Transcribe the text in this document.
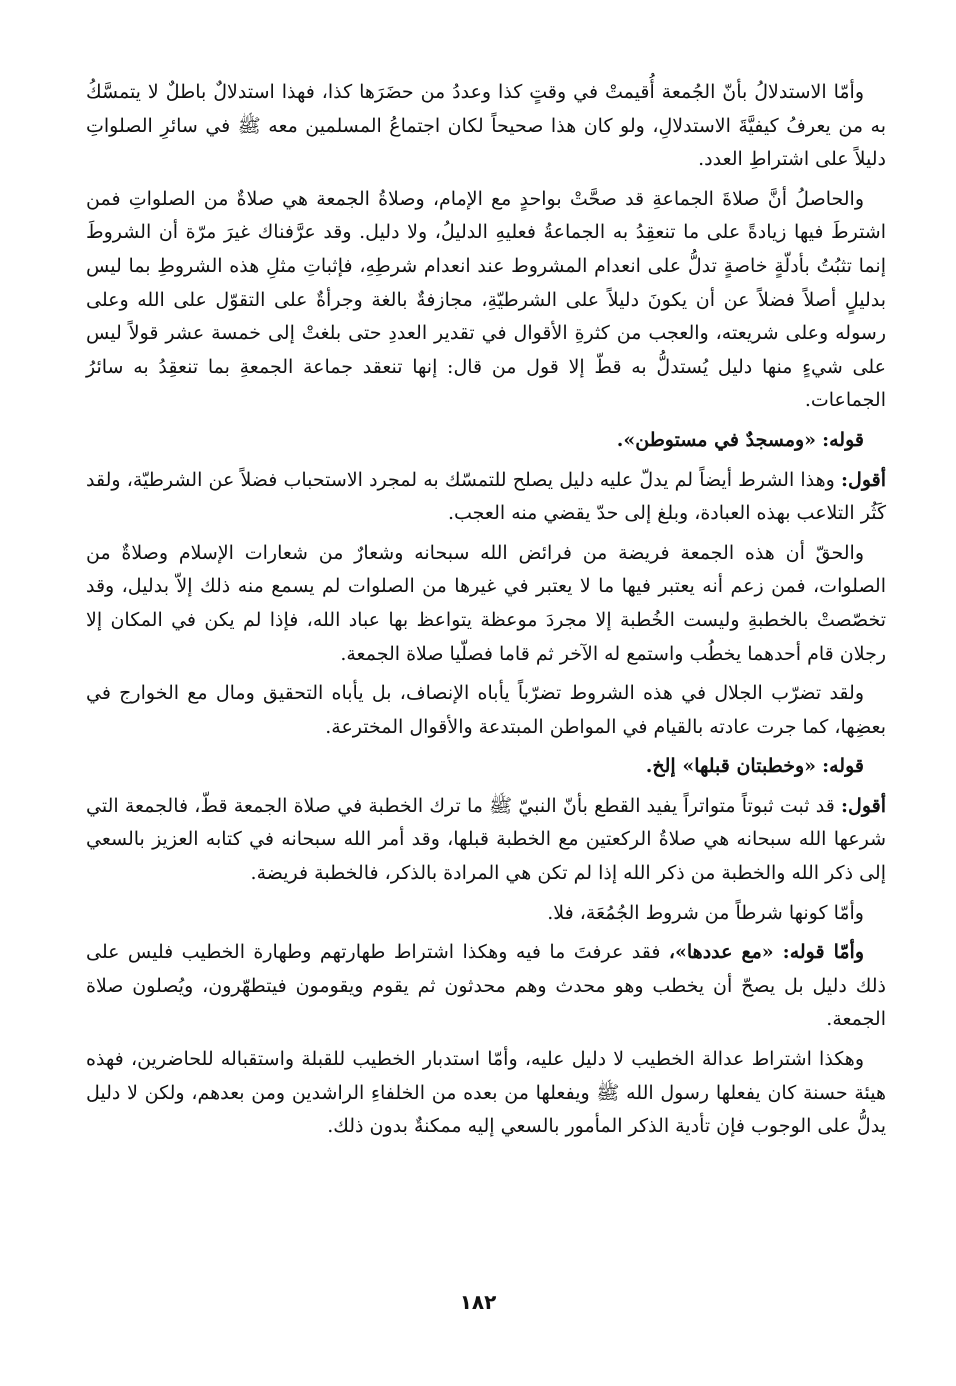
وأمّا الاستدلالُ بأنّ الجُمعة أُقيمتْ في وقتٍ كذا وعددُ من حضَرَها كذا، فهذا استدلالٌ باطلٌ لا يتمسَّكُ به من يعرفُ كيفيَّةَ الاستدلالِ، ولو كان هذا صحيحاً لكان اجتماعُ المسلمين معه ﷺ في سائرِ الصلواتِ دليلاً على اشتراطِ العدد.

والحاصلُ أنَّ صلاةَ الجماعةِ قد صحَّتْ بواحدٍ مع الإمام، وصلاةُ الجمعة هي صلاةٌ من الصلواتِ فمن اشترطَ فيها زيادةً على ما تنعقِدُ به الجماعةُ فعليهِ الدليلُ، ولا دليل. وقد عرَّفناك غيرَ مرّة أن الشروطَ إنما تثبُتُ بأدلّةٍ خاصةٍ تدلُّ على انعدام المشروط عند انعدام شرطِهِ، فإثباتِ مثلِ هذه الشروطِ بما ليس بدليلٍ أصلاً فضلاً عن أن يكونَ دليلاً على الشرطيّةِ، مجازفةٌ بالغة وجرأةٌ على التقوّل على الله وعلى رسوله وعلى شريعته، والعجب من كثرةِ الأقوال في تقدير العددِ حتى بلغتْ إلى خمسة عشر قولاً ليس على شيءٍ منها دليل يُستدلُّ به قطّ إلا قول من قال: إنها تنعقد جماعة الجمعةِ بما تنعقِدُ به سائرُ الجماعات.

قوله: «ومسجدٌ في مستوطن».

أقول: وهذا الشرط أيضاً لم يدلّ عليه دليل يصلح للتمسّك به لمجرد الاستحباب فضلاً عن الشرطيّة، ولقد كَثُر التلاعب بهذه العبادة، وبلغ إلى حدّ يقضي منه العجب.

والحقّ أن هذه الجمعة فريضة من فرائض الله سبحانه وشعارٌ من شعارات الإسلام وصلاةٌ من الصلوات، فمن زعم أنه يعتبر فيها ما لا يعتبر في غيرها من الصلوات لم يسمع منه ذلك إلاّ بدليل، وقد تخصّصتْ بالخطبةِ وليست الخُطبة إلا مجردَ موعظة يتواعظ بها عباد الله، فإذا لم يكن في المكان إلا رجلان قام أحدهما يخطُب واستمع له الآخر ثم قاما فصلّيا صلاة الجمعة.

ولقد تضرّب الجلال في هذه الشروط تضرّباً يأباه الإنصاف، بل يأباه التحقيق ومال مع الخوارج في بعضِها، كما جرت عادته بالقيام في المواطن المبتدعة والأقوال المخترعة.

قوله: «وخطبتان قبلها» إلخ.

أقول: قد ثبت ثبوتاً متواتراً يفيد القطع بأنّ النبيّ ﷺ ما ترك الخطبة في صلاة الجمعة قطّ، فالجمعة التي شرعها الله سبحانه هي صلاةُ الركعتين مع الخطبة قبلها، وقد أمر الله سبحانه في كتابه العزيز بالسعي إلى ذكر الله والخطبة من ذكر الله إذا لم تكن هي المرادة بالذكر، فالخطبة فريضة.

وأمّا كونها شرطاً من شروط الجُمُعَة، فلا.

وأمّا قوله: «مع عددها»، فقد عرفتَ ما فيه وهكذا اشتراط طهارتهم وطهارة الخطيب فليس على ذلك دليل بل يصحّ أن يخطب وهو محدث وهم محدثون ثم يقوم ويقومون فيتطهّرون، ويُصلون صلاة الجمعة.

وهكذا اشتراط عدالة الخطيب لا دليل عليه، وأمّا استدبار الخطيب للقبلة واستقباله للحاضرين، فهذه هيئة حسنة كان يفعلها رسول الله ﷺ ويفعلها من بعده من الخلفاءِ الراشدين ومن بعدهم، ولكن لا دليل يدلُّ على الوجوب فإن تأدية الذكر المأمور بالسعي إليه ممكنةٌ بدون ذلك.

١٨٢
